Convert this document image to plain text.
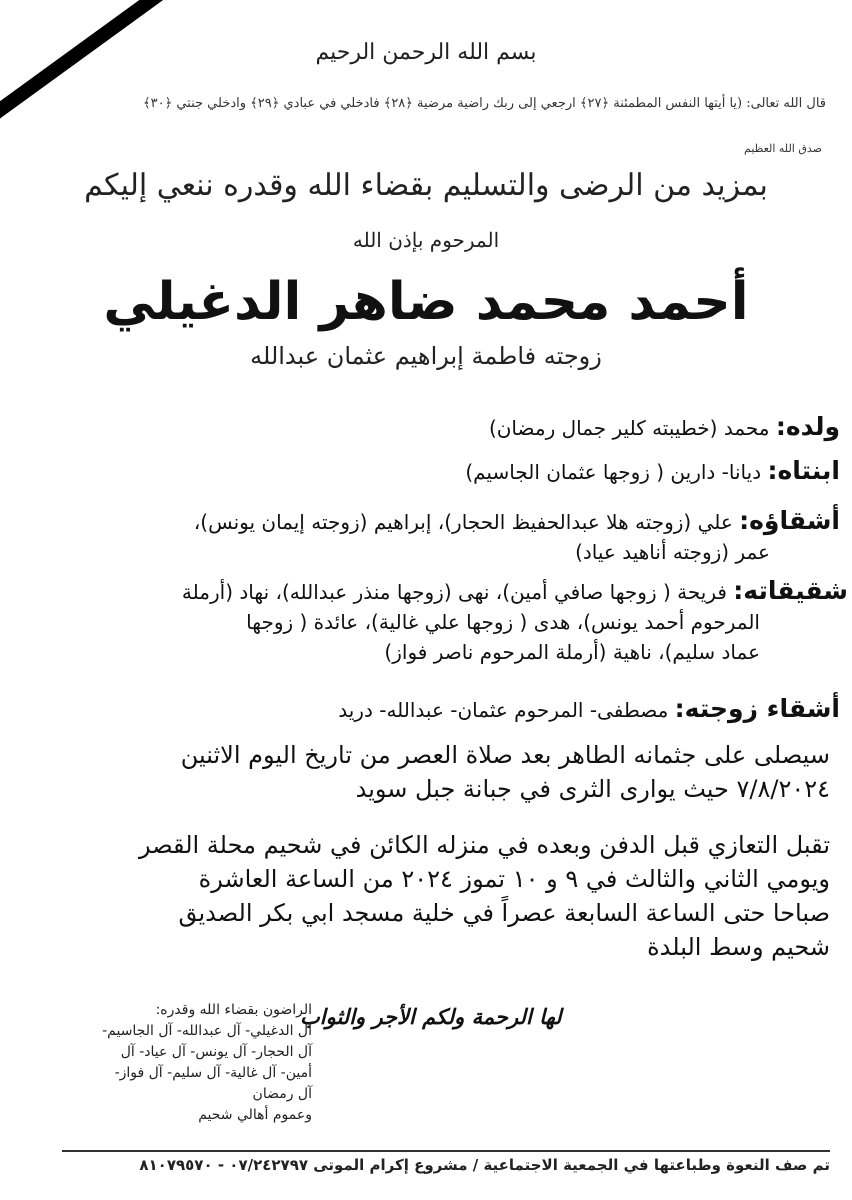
بسم الله الرحمن الرحيم
قال الله تعالى: (يا أيتها النفس المطمئنة ﴿٢٧﴾ ارجعي إلى ربك راضية مرضية ﴿٢٨﴾ فادخلي في عبادي ﴿٢٩﴾ وادخلي جنتي ﴿٣٠﴾
صدق الله العظيم
بمزيد من الرضى والتسليم بقضاء الله وقدره ننعي إليكم
المرحوم بإذن الله
أحمد محمد ضاهر الدغيلي
زوجته فاطمة إبراهيم عثمان عبدالله
ولده: محمد (خطيبته كلير جمال رمضان)
ابنتاه: ديانا- دارين ( زوجها عثمان الجاسيم)
أشقاؤه: علي (زوجته هلا عبدالحفيظ الحجار)، إبراهيم (زوجته إيمان يونس)،
عمر (زوجته أناهيد عياد)
شقيقاته: فريحة ( زوجها صافي أمين)، نهى (زوجها منذر عبدالله)، نهاد (أرملة
المرحوم أحمد يونس)، هدى ( زوجها علي غالية)، عائدة ( زوجها
عماد سليم)، ناهية (أرملة المرحوم ناصر فواز)
أشقاء زوجته: مصطفى- المرحوم عثمان- عبدالله- دريد
سيصلى على جثمانه الطاهر بعد صلاة العصر من تاريخ اليوم الاثنين
٧/٨/٢٠٢٤ حيث يوارى الثرى في جبانة جبل سويد
تقبل التعازي قبل الدفن وبعده في منزله الكائن في شحيم محلة القصر
ويومي الثاني والثالث في ٩ و ١٠ تموز ٢٠٢٤ من الساعة العاشرة
صباحا حتى الساعة السابعة عصراً في خلية مسجد ابي بكر الصديق
شحيم وسط البلدة
لها الرحمة ولكم الأجر والثواب
الراضون بقضاء الله وقدره:
آل الدغيلي- آل عبدالله- آل الجاسيم-
آل الحجار- آل يونس- آل عياد- آل
أمين- آل غالية- آل سليم- آل فواز-
آل رمضان
وعموم أهالي شحيم
تم صف النعوة وطباعتها في الجمعية الاجتماعية / مشروع إكرام الموتى ٠٧/٢٤٢٧٩٧ - ٨١٠٧٩٥٧٠
